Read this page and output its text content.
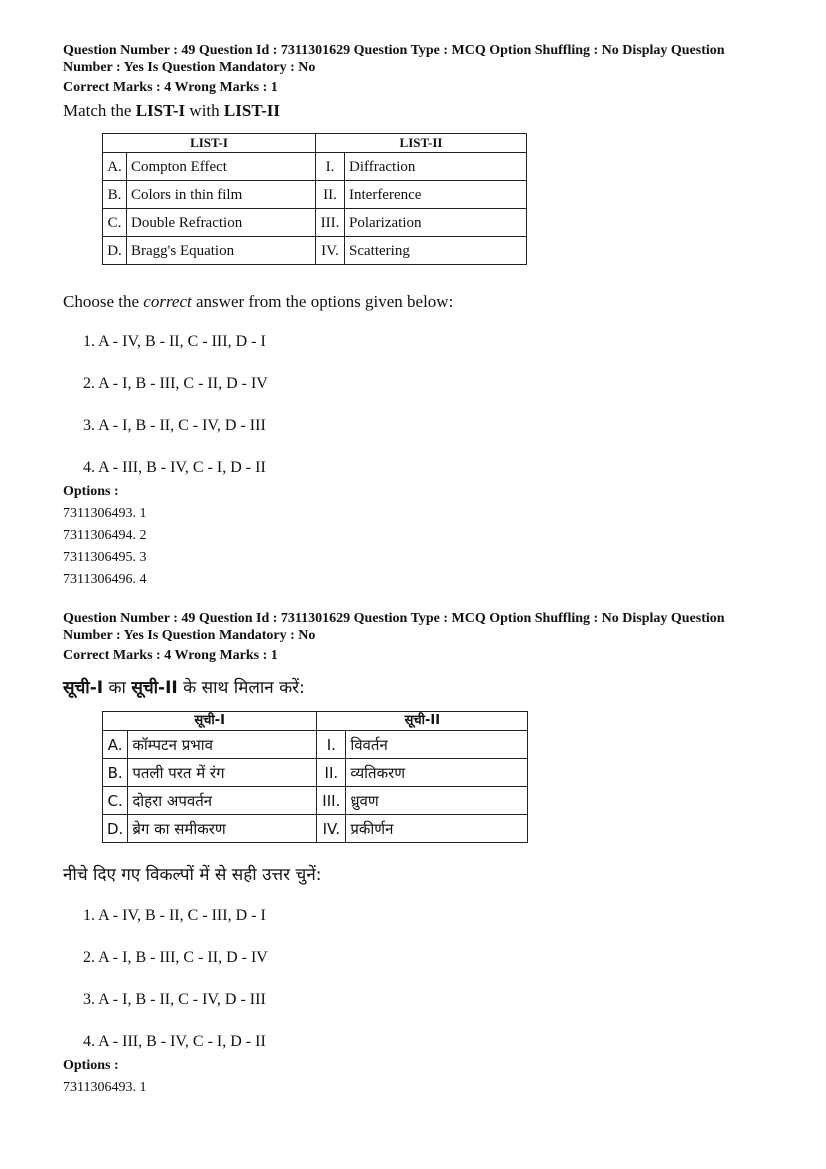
Question Number : 49 Question Id : 7311301629 Question Type : MCQ Option Shuffling : No Display Question

Number : Yes Is Question Mandatory : No

Correct Marks : 4 Wrong Marks : 1
Match the LIST-I with LIST-II
LIST-I		LIST-II	
A.	Compton Effect	I.	Diffraction
B.	Colors in thin film	II.	Interference
C.	Double Refraction	III.	Polarization
D.	Bragg's Equation	IV.	Scattering
Choose the correct answer from the options given below:
1. A - IV, B - II, C - III, D - I
2. A - I, B - III, C - II, D - IV
3. A - I, B - II, C - IV, D - III
4. A - III, B - IV, C - I, D - II
Options :
7311306493. 1
7311306494. 2
7311306495. 3
7311306496. 4

Question Number : 49 Question Id : 7311301629 Question Type : MCQ Option Shuffling : No Display Question

Number : Yes Is Question Mandatory : No

Correct Marks : 4 Wrong Marks : 1
सूची-I का सूची-II के साथ मिलान करें:
सूची-I		सूची-II	
A.	कॉम्पटन प्रभाव	I.	विवर्तन
B.	पतली परत में रंग	II.	व्यतिकरण
C.	दोहरा अपवर्तन	III.	ध्रुवण
D.	ब्रेग का समीकरण	IV.	प्रकीर्णन
नीचे दिए गए विकल्पों में से सही उत्तर चुनें:
1. A - IV, B - II, C - III, D - I
2. A - I, B - III, C - II, D - IV
3. A - I, B - II, C - IV, D - III
4. A - III, B - IV, C - I, D - II
Options :
7311306493. 1
